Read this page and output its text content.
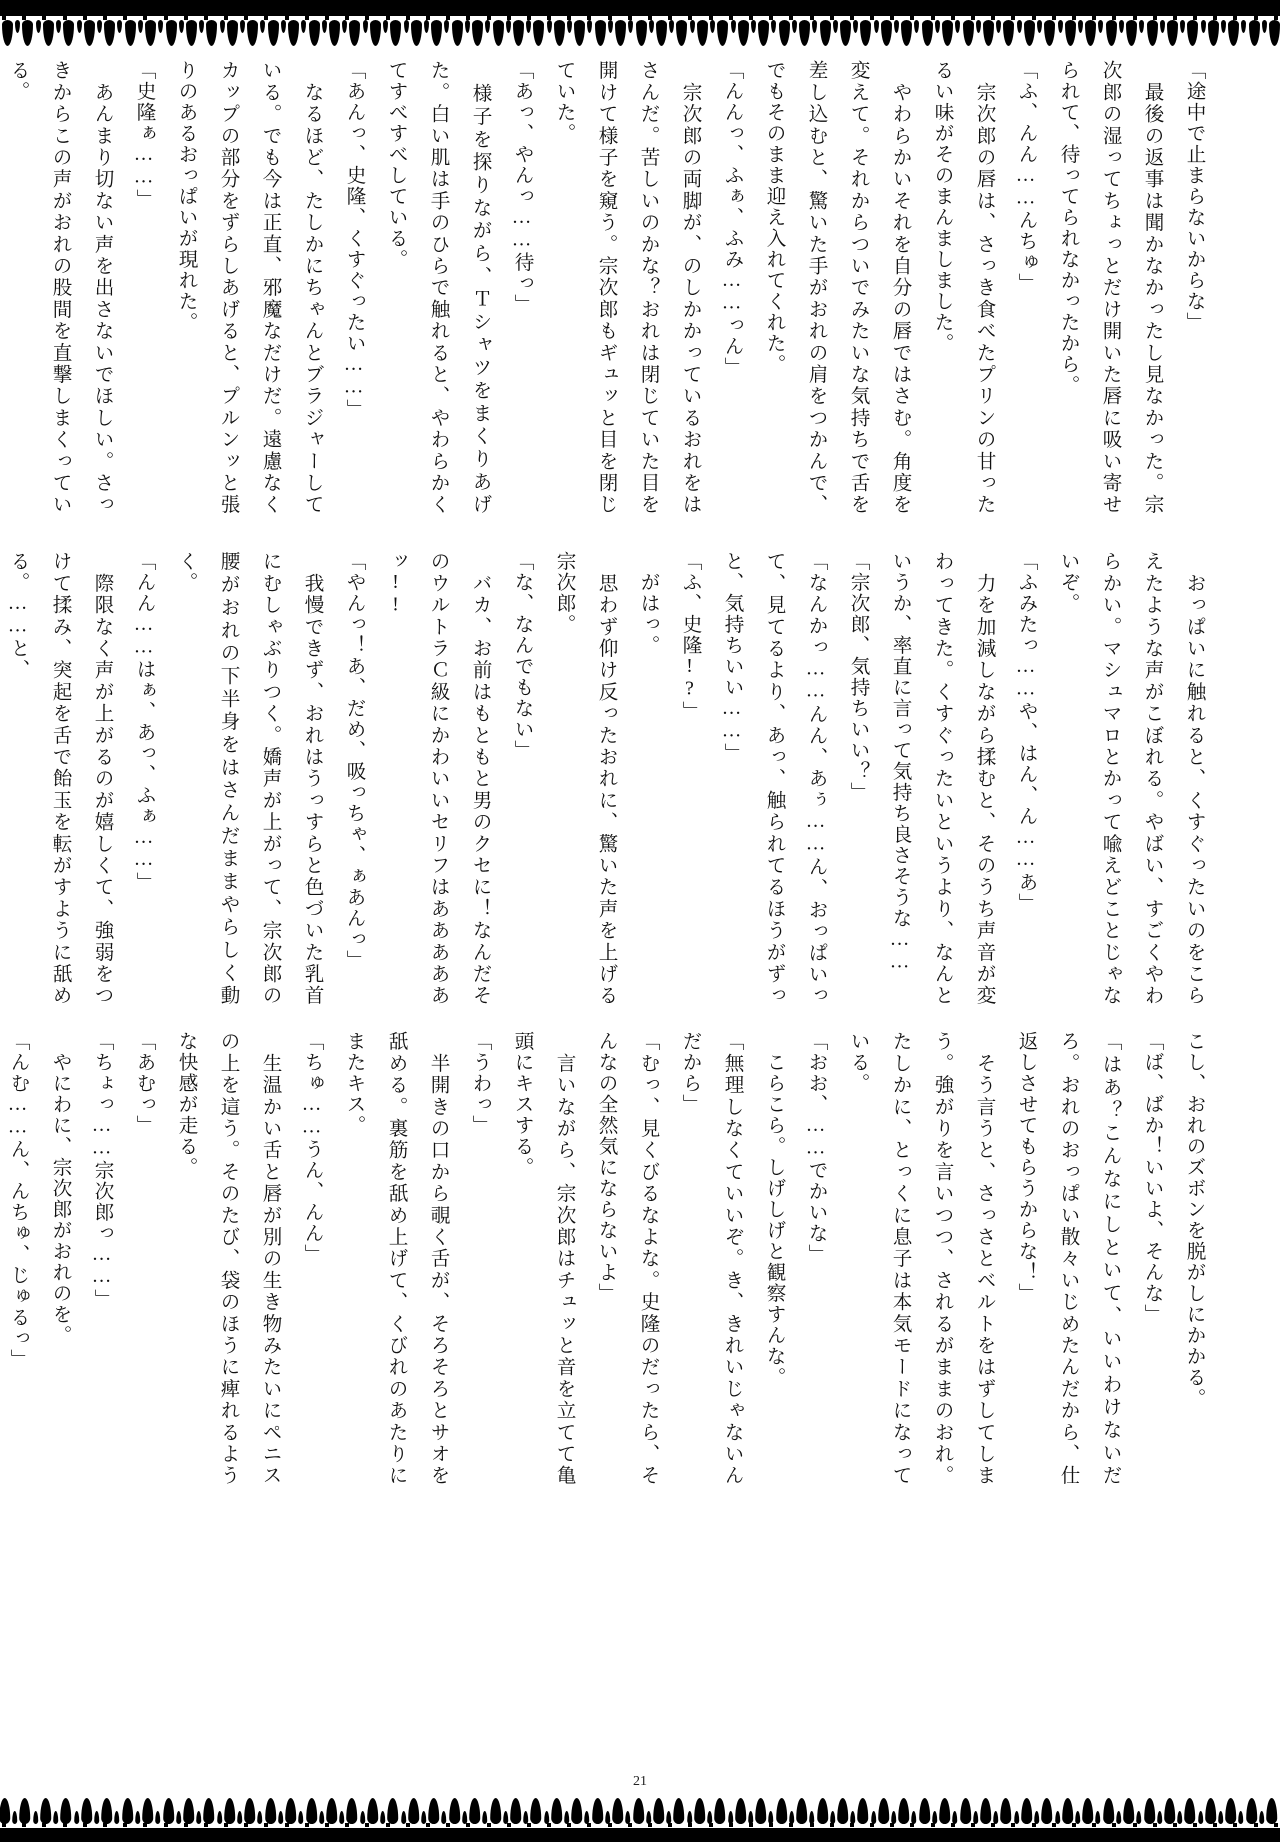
「途中で止まらないからな」

　最後の返事は聞かなかったし見なかった。宗次郎の湿ってちょっとだけ開いた唇に吸い寄せられて、待ってられなかったから。

「ふ、んん……んちゅ」

　宗次郎の唇は、さっき食べたプリンの甘ったるい味がそのまんましました。

　やわらかいそれを自分の唇ではさむ。角度を変えて。それからついでみたいな気持ちで舌を差し込むと、驚いた手がおれの肩をつかんで、でもそのまま迎え入れてくれた。

「んんっ、ふぁ、ふみ……っん」

　宗次郎の両脚が、のしかかっているおれをはさんだ。苦しいのかな？おれは閉じていた目を開けて様子を窺う。宗次郎もギュッと目を閉じていた。

「あっ、やんっ……待っ」

　様子を探りながら、Ｔシャツをまくりあげた。白い肌は手のひらで触れると、やわらかくてすべすべしている。

「あんっ、史隆、くすぐったい……」

　なるほど、たしかにちゃんとブラジャーしている。でも今は正直、邪魔なだけだ。遠慮なくカップの部分をずらしあげると、プルンッと張りのあるおっぱいが現れた。

「史隆ぁ……」

　あんまり切ない声を出さないでほしい。さっきからこの声がおれの股間を直撃しまくっている。

　おっぱいに触れると、くすぐったいのをこらえたような声がこぼれる。やばい、すごくやわらかい。マシュマロとかって喩えどことじゃないぞ。

「ふみたっ……や、はん、ん……あ」

　力を加減しながら揉むと、そのうち声音が変わってきた。くすぐったいというより、なんというか、率直に言って気持ち良さそうな……

「宗次郎、気持ちいい？」

「なんかっ……んん、あぅ……ん、おっぱいって、見てるより、あっ、触られてるほうがずっと、気持ちいい……」

「ふ、史隆!?」

　がはっ。

　思わず仰け反ったおれに、驚いた声を上げる宗次郎。

「な、なんでもない」

　バカ、お前はもともと男のクセに！なんだそのウルトラＣ級にかわいいセリフはあああああッ!!

「やんっ！あ、だめ、吸っちゃ、ぁあんっ」

　我慢できず、おれはうっすらと色づいた乳首にむしゃぶりつく。嬌声が上がって、宗次郎の腰がおれの下半身をはさんだままやらしく動く。

「んん……はぁ、あっ、ふぁ……」

　際限なく声が上がるのが嬉しくて、強弱をつけて揉み、突起を舌で飴玉を転がすように舐める。……と、

こし、おれのズボンを脱がしにかかる。

「ば、ばか！いいよ、そんな」

「はあ？こんなにしといて、いいわけないだろ。おれのおっぱい散々いじめたんだから、仕返しさせてもらうからな！」

　そう言うと、さっさとベルトをはずしてしまう。強がりを言いつつ、されるがままのおれ。たしかに、とっくに息子は本気モードになっている。

「おお、……でかいな」

　こらこら。しげしげと観察すんな。

「無理しなくていいぞ。き、きれいじゃないんだから」

「むっ、見くびるなよな。史隆のだったら、そんなの全然気にならないよ」

　言いながら、宗次郎はチュッと音を立てて亀頭にキスする。

「うわっ」

　半開きの口から覗く舌が、そろそろとサオを舐める。裏筋を舐め上げて、くびれのあたりにまたキス。

「ちゅ……うん、んん」

　生温かい舌と唇が別の生き物みたいにペニスの上を這う。そのたび、袋のほうに痺れるような快感が走る。

「あむっ」

「ちょっ……宗次郎っ……」

　やにわに、宗次郎がおれのを。

「んむ……ん、んちゅ、じゅるっ」

21
